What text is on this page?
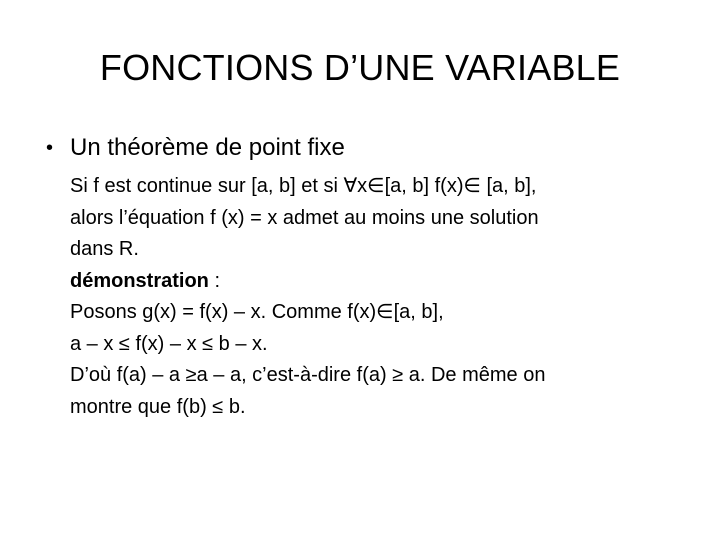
FONCTIONS D’UNE VARIABLE
• Un théorème de point fixe
Si f est continue sur [a, b] et si ∀x∈[a, b] f(x)∈ [a, b],
alors l’équation f (x) = x admet au moins une solution
dans R.
démonstration :
Posons g(x) = f(x) – x. Comme f(x)∈[a, b],
a – x ≤ f(x) – x ≤ b – x.
D’où f(a) – a ≥a – a, c’est-à-dire f(a) ≥ a. De même on
montre que f(b) ≤ b.
